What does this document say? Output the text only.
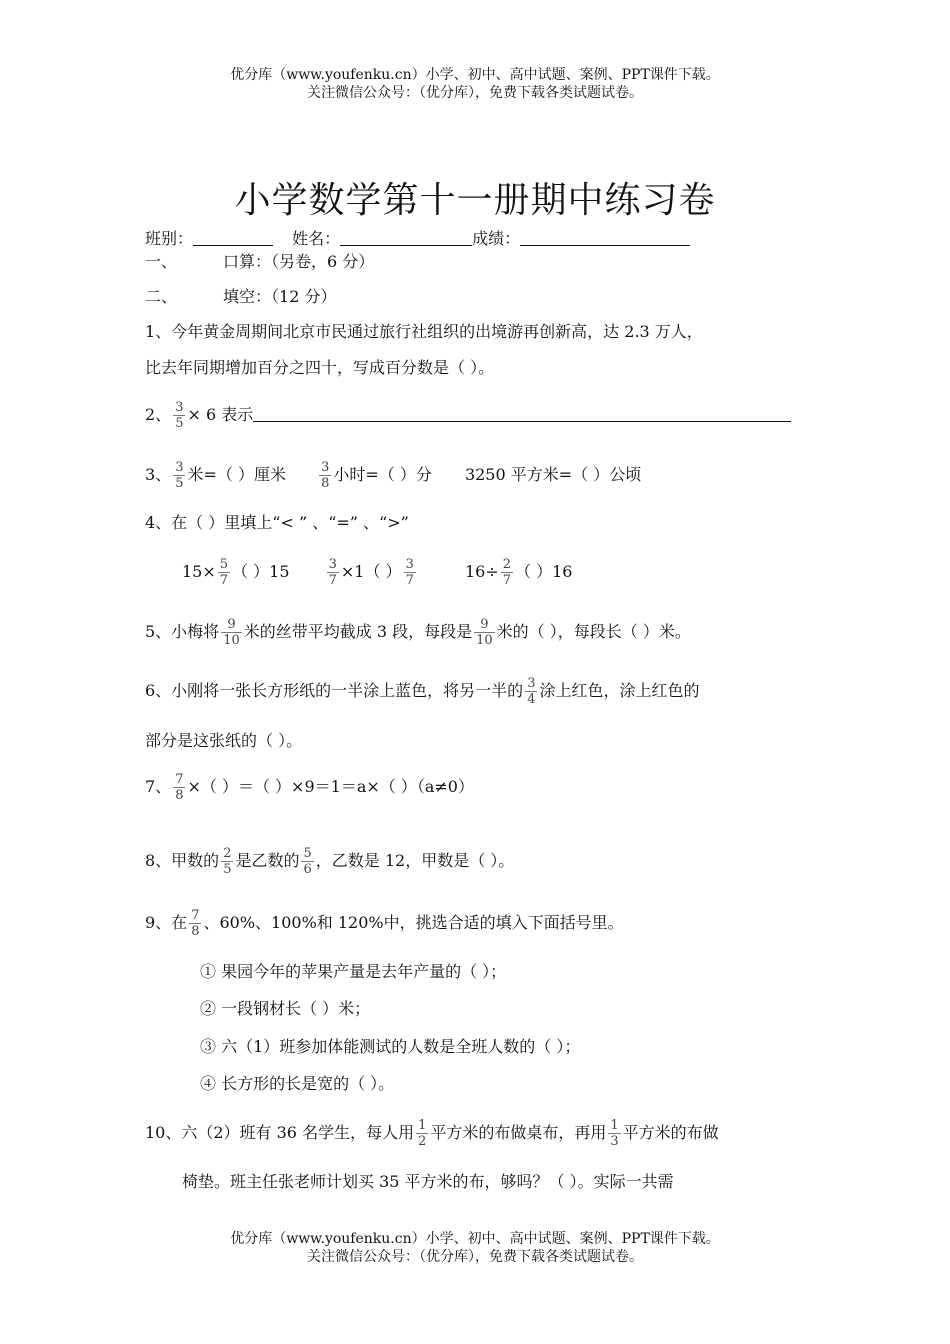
优分库（www.youfenku.cn）小学、初中、高中试题、案例、PPT课件下载。
关注微信公众号：（优分库），免费下载各类试题试卷。
小学数学第十一册期中练习卷
班别：	姓名：	成绩：
一、	口算：（另卷，6 分）
二、	填空：（12 分）
1、今年黄金周期间北京市民通过旅行社组织的出境游再创新高，达 2.3 万人，
比去年同期增加百分之四十，写成百分数是（ ）。
2、 $\frac{3}{5} \times 6$ 表示
3、 $\frac{3}{5}$ 米=（ ）厘米	$\frac{3}{8}$ 小时=（ ）分 3250 平方米=（ ）公顷
4、在（ ）里填上“< ” 、“=” 、“>”
$15\times \frac{5}{7}$ （ ）15	$\frac{3}{7} \times 1$（ ） $\frac{3}{7}$	$16\div \frac{2}{7}$ （ ）16
5、小梅将 $\frac{9}{10}$ 米的丝带平均截成 3 段，每段是 $\frac{9}{10}$ 米的（ ），每段长（ ）米。
6、小刚将一张长方形纸的一半涂上蓝色，将另一半的 $\frac{3}{4}$ 涂上红色，涂上红色的
部分是这张纸的（ ）。
7、 $\frac{7}{8}$ ×（ ）＝（ ）×9＝1＝a×（ ）（a≠0）
8、甲数的 $\frac{2}{5}$ 是乙数的 $\frac{5}{6}$ ，乙数是 12，甲数是（ ）。
9、在 $\frac{7}{8}$ 、60%、100%和 120%中，挑选合适的填入下面括号里。
① 果园今年的苹果产量是去年产量的（ ）；
② 一段钢材长（ ）米；
③ 六（1）班参加体能测试的人数是全班人数的（ ）；
④ 长方形的长是宽的（ ）。
10、六（2）班有 36 名学生，每人用 $\frac{1}{2}$ 平方米的布做桌布，再用 $\frac{1}{3}$ 平方米的布做
椅垫。班主任张老师计划买 35 平方米的布，够吗？（ ）。实际一共需
优分库（www.youfenku.cn）小学、初中、高中试题、案例、PPT课件下载。
关注微信公众号：（优分库），免费下载各类试题试卷。
